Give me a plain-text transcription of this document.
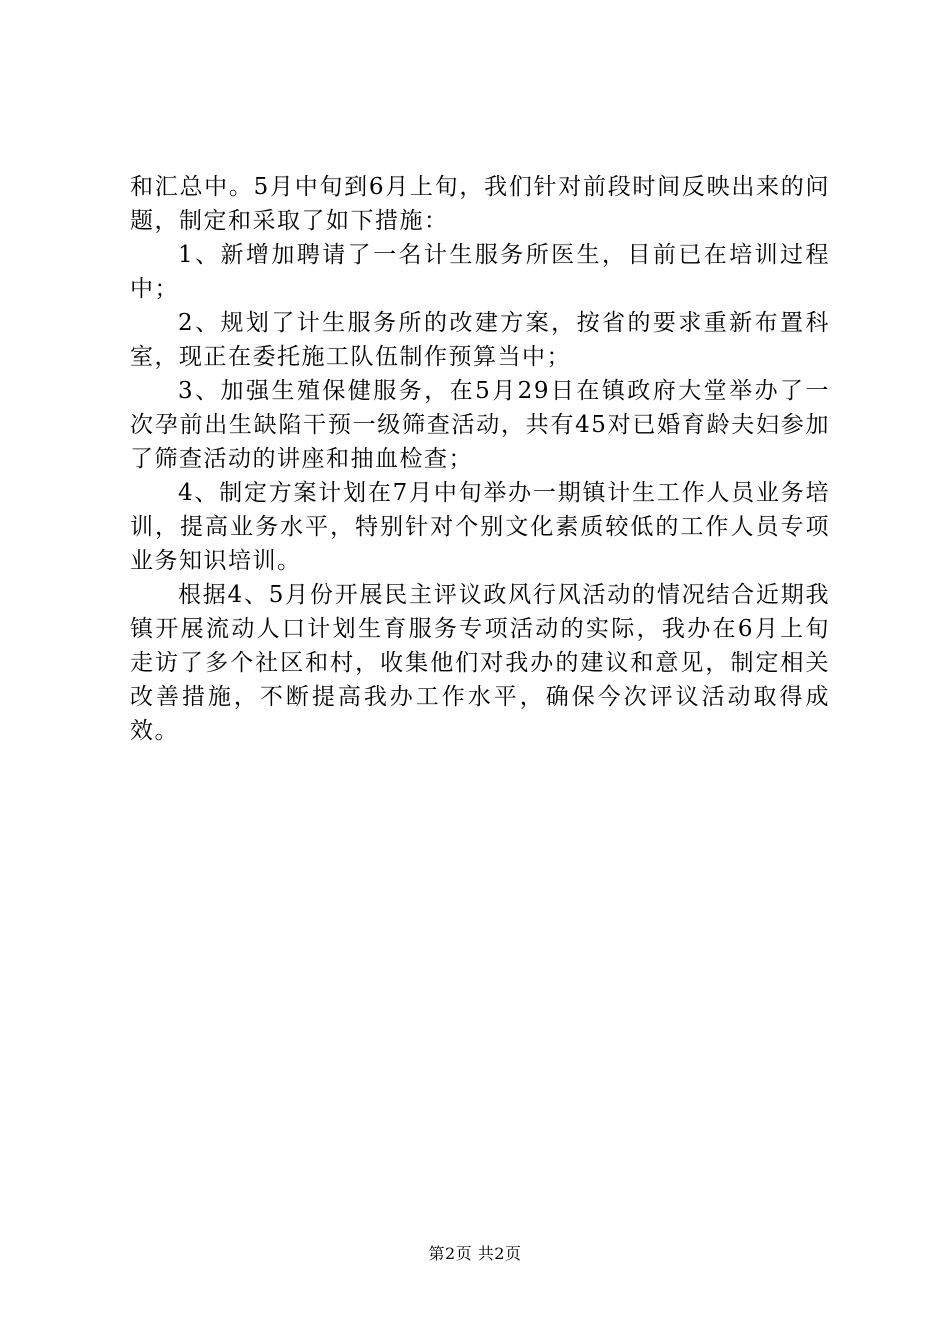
和汇总中。5月中旬到6月上旬，我们针对前段时间反映出来的问题，制定和采取了如下措施：

1、新增加聘请了一名计生服务所医生，目前已在培训过程中；

2、规划了计生服务所的改建方案，按省的要求重新布置科室，现正在委托施工队伍制作预算当中；

3、加强生殖保健服务，在5月29日在镇政府大堂举办了一次孕前出生缺陷干预一级筛查活动，共有45对已婚育龄夫妇参加了筛查活动的讲座和抽血检查；

4、制定方案计划在7月中旬举办一期镇计生工作人员业务培训，提高业务水平，特别针对个别文化素质较低的工作人员专项业务知识培训。

根据4、5月份开展民主评议政风行风活动的情况结合近期我镇开展流动人口计划生育服务专项活动的实际，我办在6月上旬走访了多个社区和村，收集他们对我办的建议和意见，制定相关改善措施，不断提高我办工作水平，确保今次评议活动取得成效。

第2页 共2页
